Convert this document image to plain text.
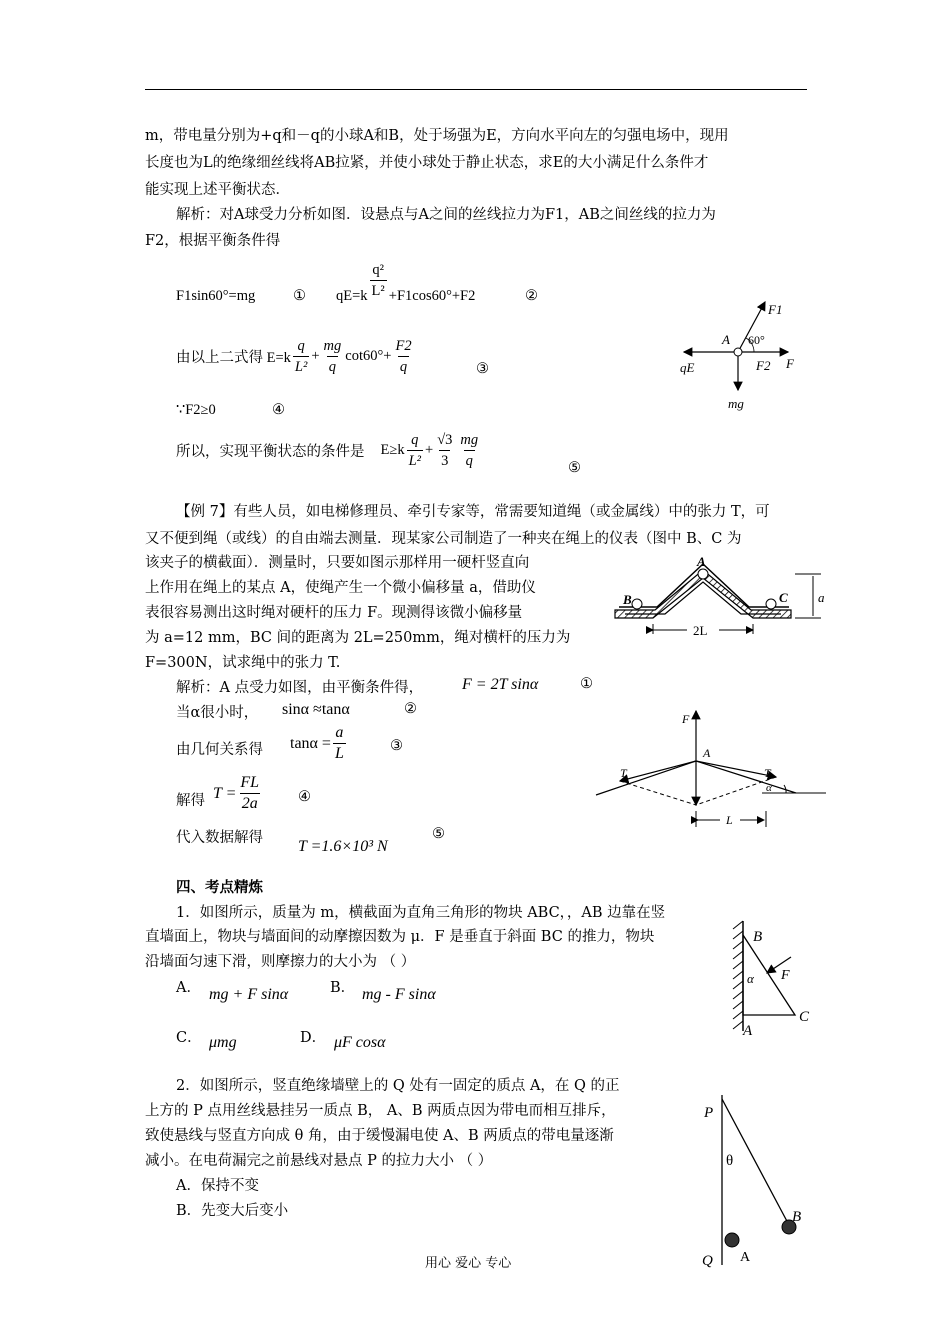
m，带电量分别为+q和－q的小球A和B，处于场强为E，方向水平向左的匀强电场中，现用
长度也为L的绝缘细丝线将AB拉紧，并使小球处于静止状态，求E的大小满足什么条件才
能实现上述平衡状态．
解析：对A球受力分析如图．设悬点与A之间的丝线拉力为F1，AB之间丝线的拉力为
F2，根据平衡条件得
F1sin60°=mg	① $qE=k \frac{\text{q²}}{\text{L²}} +F1\cos 60^\circ+F2$	②
由以上二式得 $E=k \frac{q}{\text{L²}} + \frac{mg}{q} \cot 60^\circ+ \frac{F2}{q}$	③
∵F2≥0	④
所以，实现平衡状态的条件是 $E\ge k \frac{q}{\text{L²}} + \frac{√3}{3} \frac{mg}{q}$	⑤
F1
A 60°
qE	F2 F
mg
【例 7】有些人员，如电梯修理员、牵引专家等，常需要知道绳（或金属线）中的张力 T，可
又不便到绳（或线）的自由端去测量．现某家公司制造了一种夹在绳上的仪表（图中 B、C 为
该夹子的横截面）．测量时，只要如图示那样用一硬杆竖直向
上作用在绳上的某点 A，使绳产生一个微小偏移量 a，借助仪
表很容易测出这时绳对硬杆的压力 F。现测得该微小偏移量
为 a=12 mm，BC 间的距离为 2L=250mm，绳对横杆的压力为
F=300N，试求绳中的张力 T.
2L
a
A
B	C
解析：A 点受力如图，由平衡条件得， F = 2T sinα	①
当α很小时， sinα ≈tanα	②
由几何关系得 $\tan\alpha = \frac{a}{L}$	③
解得 $T = \frac{FL}{2a}$	④
代入数据解得 T =1.6×10³ N
⑤
α
F
A
T	T
L
四、考点精炼
1．如图所示，质量为 m，横截面为直角三角形的物块 ABC，，AB 边靠在竖
直墙面上，物块与墙面间的动摩擦因数为 μ．F 是垂直于斜面 BC 的推力，物块
沿墙面匀速下滑，则摩擦力的大小为 （ ）
A． mg + F sinα	B． mg - F sinα
C． μmg	D． μF cosα
B
α F
C
A
2．如图所示，竖直绝缘墙壁上的 Q 处有一固定的质点 A，在 Q 的正
上方的 P 点用丝线悬挂另一质点 B， A、B 两质点因为带电而相互排斥，
致使悬线与竖直方向成 θ 角，由于缓慢漏电使 A、B 两质点的带电量逐渐
减小。在电荷漏完之前悬线对悬点 P 的拉力大小 （ ）
A．保持不变
B．先变大后变小
P
θ
B
Q A
用心 爱心 专心
